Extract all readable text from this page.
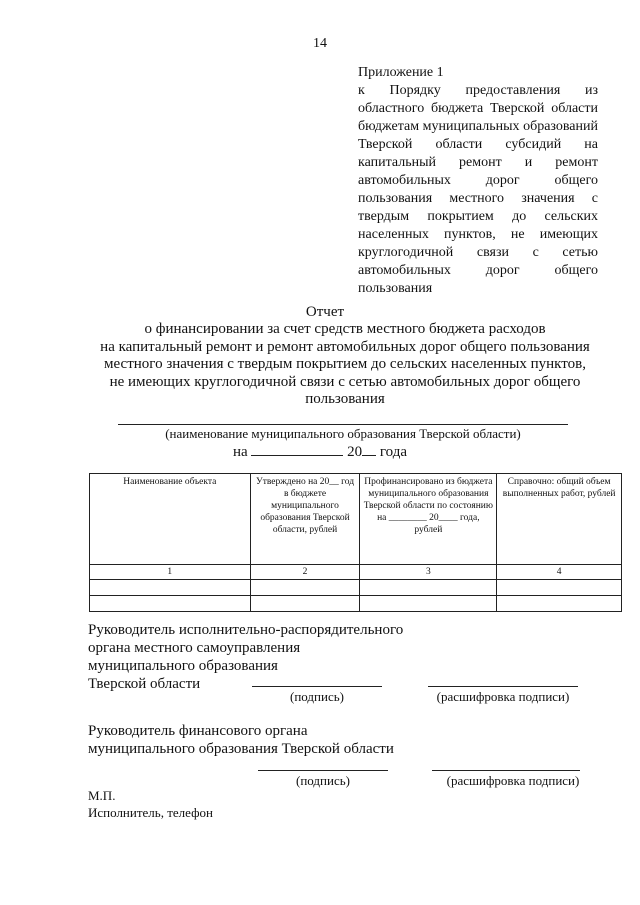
14
Приложение 1
к Порядку предоставления из областного бюджета Тверской области бюджетам муниципальных образований Тверской области субсидий на капитальный ремонт и ремонт автомобильных дорог общего пользования местного значения с твердым покрытием до сельских населенных пунктов, не имеющих круглогодичной связи с сетью автомобильных дорог общего пользования
Отчет
о финансировании за счет средств местного бюджета расходов
на капитальный ремонт и ремонт автомобильных дорог общего пользования
местного значения с твердым покрытием до сельских населенных пунктов,
не имеющих круглогодичной связи с сетью автомобильных дорог общего
пользования
(наименование муниципального образования Тверской области)
на	20 года
Наименование объекта	Утверждено на 20__ год в бюджете муниципального образования Тверской области, рублей	Профинансировано из бюджета муниципального образования Тверской области по состоянию на ________ 20____ года, рублей	Справочно: общий объем выполненных работ, рублей
1	2	3	4

Руководитель исполнительно-распорядительного
органа местного самоуправления
муниципального образования
Тверской области
(подпись)	(расшифровка подписи)
Руководитель финансового органа
муниципального образования Тверской области
(подпись)	(расшифровка подписи)
М.П.
Исполнитель, телефон
